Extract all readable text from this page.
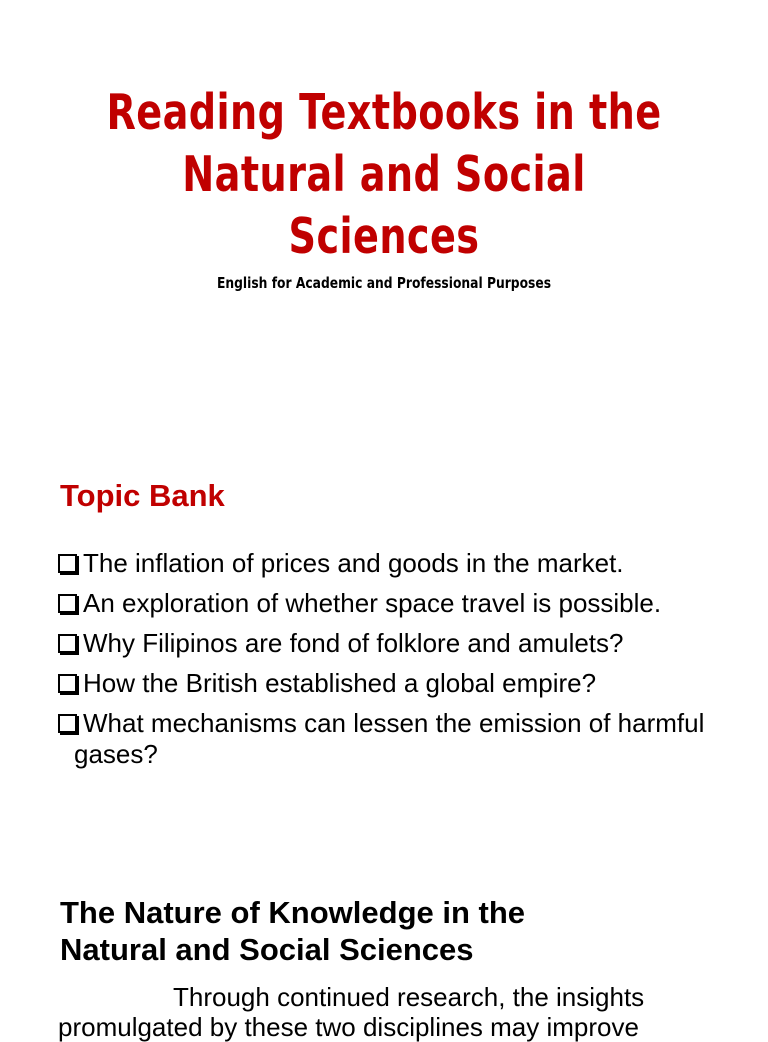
Reading Textbooks in the
Natural and Social
Sciences

English for Academic and Professional Purposes

Topic Bank
The inflation of prices and goods in the market.
An exploration of whether space travel is possible.
Why Filipinos are fond of folklore and amulets?
How the British established a global empire?
What mechanisms can lessen the emission of harmful gases?
The Nature of Knowledge in the
Natural and Social Sciences

Through continued research, the insights promulgated by these two disciplines may improve
